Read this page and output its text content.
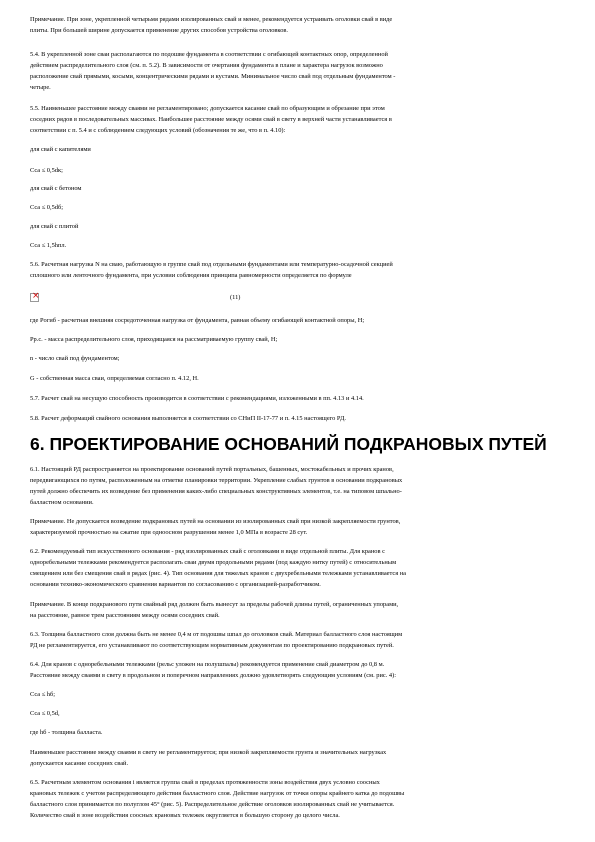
Примечание. При зоне, укрепленной четырьмя рядами изолированных свай и менее, рекомендуется устраивать оголовки свай в виде
плиты. При большей ширине допускается применение других способов устройства оголовков.
5.4. В укрепленной зоне сваи располагаются по подошве фундамента в соответствии с огибающей контактных опор, определенной
действием распределительного слоя (см. п. 5.2). В зависимости от очертания фундамента в плане и характера нагрузок возможно
расположение свай прямыми, косыми, концентрическими рядами и кустами. Минимальное число свай под отдельным фундаментом -
четыре.
5.5. Наименьшее расстояние между сваями не регламентировано; допускается касание свай по образующим и обрезание при этом
соседних рядов в последовательных массивах. Наибольшее расстояние между осями свай в свету в верхней части устанавливается в
соответствии с п. 5.4 и с соблюдением следующих условий (обозначения те же, что в п. 4.10):
для свай с капителями
Сса ≤ 0,5dк;
для свай с бетоном
Сса ≤ 0,5dб;
для свай с плитой
Сса ≤ 1,5hпл.
5.6. Расчетная нагрузка N на сваю, работающую в группе свай под отдельными фундаментами или температурно-осадочной секцией
сплошного или ленточного фундамента, при условии соблюдения принципа равномерности определяется по формуле
×
(11)
где Pогиб - расчетная внешняя сосредоточенная нагрузка от фундамента, равная объему огибающей контактной опоры, Н;
Pр.с. - масса распределительного слоя, приходящаяся на рассматриваемую группу свай, Н;
n - число свай под фундаментом;
G - собственная масса сваи, определяемая согласно п. 4.12, Н.
5.7. Расчет свай на несущую способность производится в соответствии с рекомендациями, изложенными в пп. 4.13 и 4.14.
5.8. Расчет деформаций свайного основания выполняется в соответствии со СНиП II-17-77 и п. 4.15 настоящего РД.
6. ПРОЕКТИРОВАНИЕ ОСНОВАНИЙ ПОДКРАНОВЫХ ПУТЕЙ
6.1. Настоящий РД распространяется на проектирование оснований путей портальных, башенных, мостокабельных и прочих кранов,
передвигающихся по путям, расположенным на отметке планировки территории. Укрепление слабых грунтов в основании подкрановых
путей должно обеспечить их возведение без применения каких-либо специальных конструктивных элементов, т.е. на типовом шпально-
балластном основании.
Примечание. Не допускается возведение подкрановых путей на основании из изолированных свай при низкой закрепляемости грунтов,
характеризуемой прочностью на сжатие при одноосном разрушении менее 1,0 МПа в возрасте 28 сут.
6.2. Рекомендуемый тип искусственного основания - ряд изолированных свай с оголовками в виде отдельной плиты. Для кранов с
одноребельными тележками рекомендуется располагать сваи двумя продольными рядами (под каждую нитку путей) с относительным
смещением или без смещения свай в рядах (рис. 4). Тип основания для тяжелых кранов с двухребельными тележками устанавливается на
основании технико-экономического сравнения вариантов по согласованию с организацией-разработчиком.
Примечание. В конце подкранового пути свайный ряд должен быть вынесут за пределы рабочей длины путей, ограниченных упорами,
на расстояние, равное трем расстояниям между осями соседних свай.
6.3. Толщина балластного слоя должна быть не менее 0,4 м от подошвы шпал до оголовков свай. Материал балластного слоя настоящим
РД не регламентируется, его устанавливают по соответствующим нормативным документам по проектированию подкрановых путей.
6.4. Для кранов с одноребельными тележками (рельс уложен на полушпалы) рекомендуется применение свай диаметром до 0,8 м.
Расстояние между сваями в свету в продольном и поперечном направлениях должно удовлетворять следующим условиям (см. рис. 4):
Сса ≤ hб;
Сса ≤ 0,5d,
где hб - толщина балласта.
Наименьшее расстояние между сваями в свету не регламентируется; при низкой закрепляемости грунта и значительных нагрузках
допускается касание соседних свай.
6.5. Расчетным элементом основания i является группа свай в пределах протяженности зоны воздействия двух условно соосных
крановых тележек с учетом распределяющего действия балластного слоя. Действие нагрузок от точки опоры крайнего катка до подошвы
балластного слоя принимается по полуглом 45° (рис. 5). Распределительное действие оголовков изолированных свай не учитывается.
Количество свай в зоне воздействия соосных крановых тележек округляется в большую сторону до целого числа.
